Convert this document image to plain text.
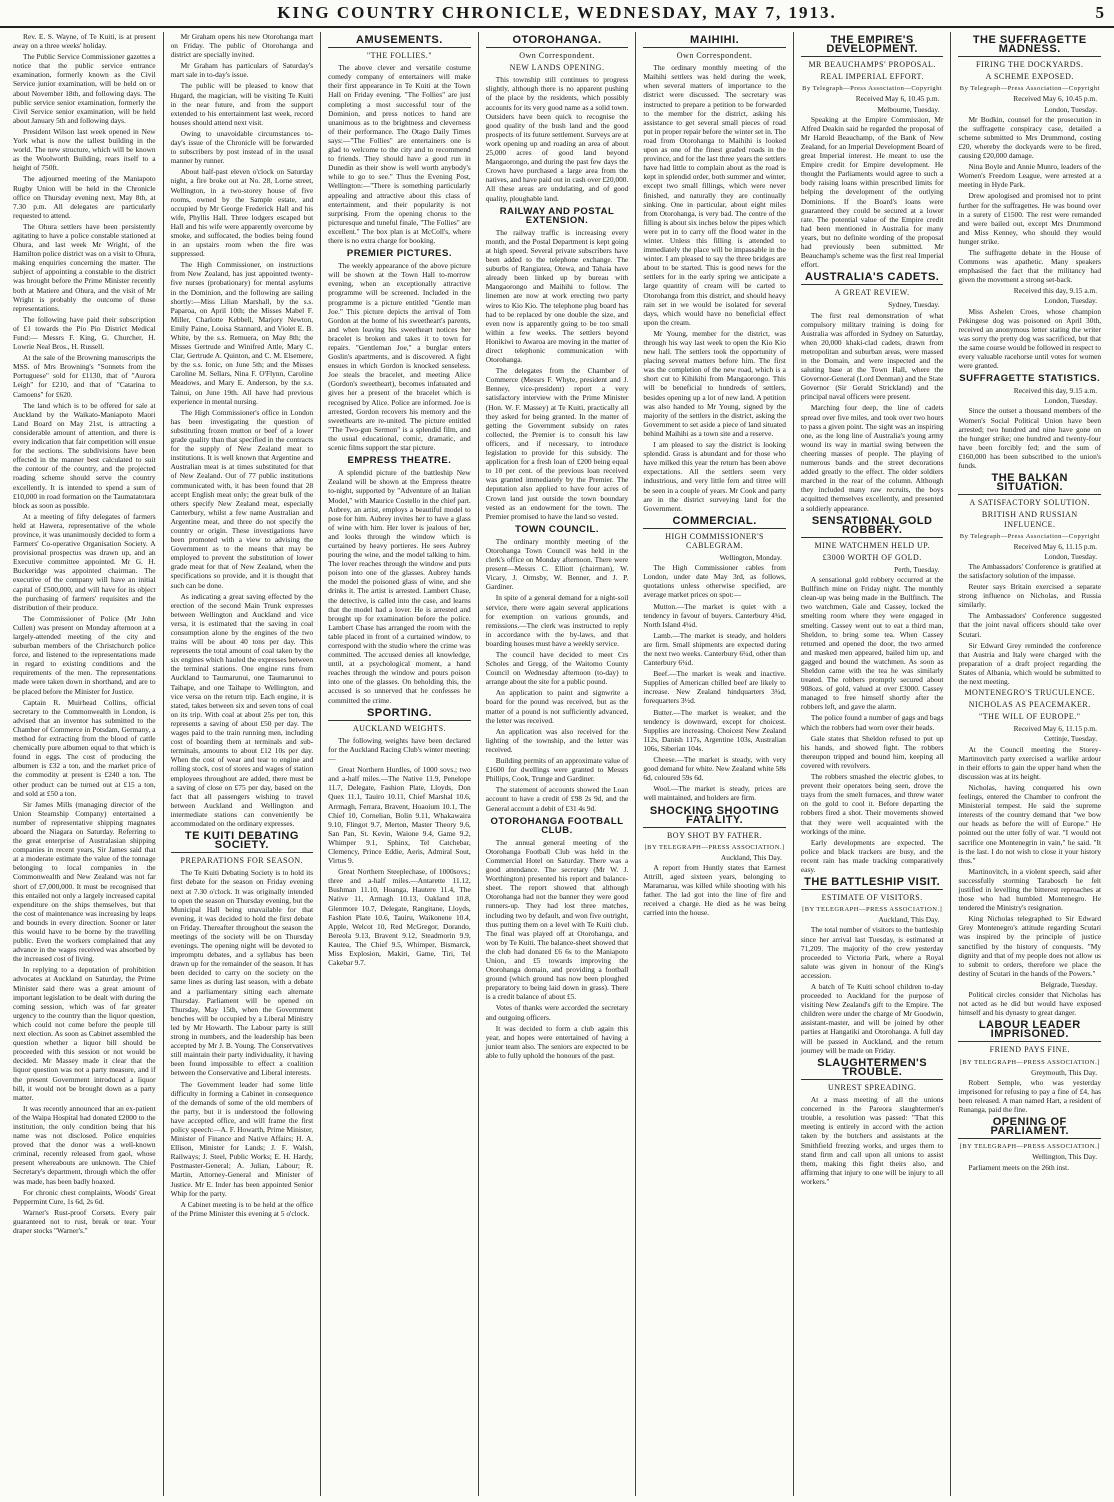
KING COUNTRY CHRONICLE, WEDNESDAY, MAY 7, 1913.	5

Rev. E. S. Wayne, of Te Kuiti, is at present away on a three weeks' holiday.

The Public Service Commissioner gazettes a notice that the public service entrance examination, formerly known as the Civil Service junior examination, will be held on or about November 18th, and following days. The public service senior examination, formerly the Civil Service senior examination, will be held about January 5th and following days.

President Wilson last week opened in New York what is now the tallest building in the world. The new structure, which will be known as the Woolworth Building, rears itself to a height of 750ft.

The adjourned meeting of the Maniapoto Rugby Union will be held in the Chronicle office on Thursday evening next, May 8th, at 7.30 p.m. All delegates are particularly requested to attend.

The Ohura settlers have been persistently agitating to have a police constable stationed at Ohura, and last week Mr Wright, of the Hamilton police district was on a visit to Ohura, making enquiries concerning the matter. The subject of appointing a constable to the district was brought before the Prime Minister recently both at Matiere and Ohura, and the visit of Mr Wright is probably the outcome of those representations.

The following have paid their subscription of £1 towards the Pio Pio District Medical Fund:— Messrs F. King, G. Churcher, H. Lowrie Neal Bros., H. Russell.

At the sale of the Browning manuscripts the MSS. of Mrs Browning's "Sonnets from the Portuguese" sold for £1130, that of "Aurora Leigh" for £210, and that of "Catarina to Camoens" for £620.

The land which is to be offered for sale at Auckland by the Waikato-Maniapoto Maori Land Board on May 21st, is attracting a considerable amount of attention, and there is every indication that fair competition will ensue for the sections. The subdivisions have been effected in the manner best calculated to suit the contour of the country, and the projected roading scheme should serve the country excellently. It is intended to spend a sum of £10,000 in road formation on the Taumatatotara block as soon as possible.

At a meeting of fifty delegates of farmers held at Hawera, representative of the whole province, it was unanimously decided to form a Farmers' Co-operative Organisation Society. A provisional prospectus was drawn up, and an Executive committee appointed. Mr G. H. Buckeridge was appointed chairman. The executive of the company will have an initial capital of £500,000, and will have for its object the purchasing of farmers' requisites and the distribution of their produce.

The Commissioner of Police (Mr John Cullen) was present on Monday afternoon at a largely-attended meeting of the city and suburban members of the Christchurch police force, and listened to the representations made in regard to existing conditions and the requirements of the men. The representations made were taken down in shorthand, and are to be placed before the Minister for Justice.

Captain R. Muirhead Collins, official secretary to the Commonwealth in London, is advised that an inventor has submitted to the Chamber of Commerce in Potsdam, Germany, a method for extracting from the blood of cattle chemically pure albumen equal to that which is found in eggs. The cost of producing the albumen is £32 a ton, and the market price of the commodity at present is £240 a ton. The other product can be turned out at £15 a ton, and sold at £50 a ton.

Sir James Mills (managing director of the Union Steamship Company) entertained a number of representative shipping magnates aboard the Niagara on Saturday. Referring to the great enterprise of Australasian shipping companies in recent years, Sir James said that at a moderate estimate the value of the tonnage belonging to local companies in the Commonwealth and New Zealand was not far short of £7,000,000. It must be recognised that this entailed not only a largely increased capital expenditure on the ships themselves, but that the cost of maintenance was increasing by leaps and bounds in every direction. Sooner or later this would have to be borne by the travelling public. Even the workers complained that any advance in the wages received was absorbed by the increased cost of living.

In replying to a deputation of prohibition advocates at Auckland on Saturday, the Prime Minister said there was a great amount of important legislation to be dealt with during the coming session, which was of far greater urgency to the country than the liquor question, which could not come before the people till next election. As soon as Cabinet assembled the question whether a liquor bill should be proceeded with this session or not would be decided. Mr Massey made it clear that the liquor question was not a party measure, and if the present Government introduced a liquor bill, it would not be brought down as a party matter.

It was recently announced that an ex-patient of the Waipa Hospital had donated £2000 to the institution, the only condition being that his name was not disclosed. Police enquiries proved that the donor was a well-known criminal, recently released from gaol, whose present whereabouts are unknown. The Chief Secretary's department, through which the offer was made, has been badly hoaxed.

For chronic chest complaints, Woods' Great Peppermint Cure, 1s 6d, 2s 6d.

Warner's Rust-proof Corsets. Every pair guaranteed not to rust, break or tear. Your draper stocks "Warner's."

Mr Graham opens his new Otorohanga mart on Friday. The public of Otorohanga and district are specially invited.

Mr Graham has particulars of Saturday's mart sale in to-day's issue.

The public will be pleased to know that Hugard, the magician, will be visiting Te Kuiti in the near future, and from the support extended to his entertainment last week, record houses should attend next visit.

Owing to unavoidable circumstances to-day's issue of the Chronicle will be forwarded to subscribers by post instead of in the usual manner by runner.

About half-past eleven o'clock on Saturday night, a fire broke out at No. 28, Lorne street, Wellington, in a two-storey house of five rooms, owned by the Sample estate, and occupied by Mr George Frederick Hall and his wife, Phyllis Hall. Three lodgers escaped but Hall and his wife were apparently overcome by smoke, and suffocated, the bodies being found in an upstairs room when the fire was suppressed.

The High Commissioner, on instructions from New Zealand, has just appointed twenty-five nurses (probationary) for mental asylums in the Dominion, and the following are sailing shortly:—Miss Lilian Marshall, by the s.s. Paparoa, on April 10th; the Misses Mabel F. Miller, Charlotte Kebbell, Marjory Newton, Emily Paine, Louisa Stannard, and Violet E. B. White, by the s.s. Remuera, on May 8th; the Misses Gertrude and Winifred Attle, Mary C. Clar, Gertrude A. Quinton, and C. M. Elsemere, by the s.s. Ionic, on June 5th; and the Misses Caroline M. Sellars, Nina F. O'Flynn, Caroline Meadows, and Mary E. Anderson, by the s.s. Tainui, on June 19th. All have had previous experience in mental nursing.

The High Commissioner's office in London has been investigating the question of substituting frozen mutton or beef of a lower grade quality than that specified in the contracts for the supply of New Zealand meat to institutions. It is well known that Argentine and Australian meat is at times substituted for that of New Zealand. Out of 77 public institutions communicated with, it has been found that 28 accept English meat only; the great bulk of the others specify New Zealand meat, especially Canterbury, whilst a few name Australian and Argentine meat, and three do not specify the country or origin. These investigations have been promoted with a view to advising the Government as to the means that may be employed to prevent the substitution of lower grade meat for that of New Zealand, when the specifications so provide, and it is thought that such can be done.

As indicating a great saving effected by the erection of the second Main Trunk expresses between Wellington and Auckland and vice versa, it is estimated that the saving in coal consumption alone by the engines of the two trains will be about 40 tons per day. This represents the total amount of coal taken by the six engines which hauled the expresses between the terminal stations. One engine runs from Auckland to Taumarunui, one Taumarunui to Taihape, and one Taihape to Wellington, and vice versa on the return trip. Each engine, it is stated, takes between six and seven tons of coal on its trip. With coal at about 25s per ton, this represents a saving of about £50 per day. The wages paid to the train running men, including cost of boarding them at terminals and sub-terminals, amounts to about £12 10s per day. When the cost of wear and tear to engine and rolling stock, cost of stores and wages of station employees throughout are added, there must be a saving of close on £75 per day, based on the fact that all passengers wishing to travel between Auckland and Wellington and intermediate stations can conveniently be accommodated on the ordinary expresses.

TE KUITI DEBATING SOCIETY.
PREPARATIONS FOR SEASON.

The Te Kuiti Debating Society is to hold its first debate for the season on Friday evening next at 7.30 o'clock. It was originally intended to open the season on Thursday evening, but the Municipal Hall being unavailable for that evening, it was decided to hold the first debate on Friday. Thereafter throughout the season the meetings of the society will be on Thursday evenings. The opening night will be devoted to impromptu debates, and a syllabus has been drawn up for the remainder of the season. It has been decided to carry on the society on the same lines as during last season, with a debate and a parliamentary sitting each alternate Thursday. Parliament will be opened on Thursday, May 15th, when the Government benches will be occupied by a Liberal Ministry led by Mr Howarth. The Labour party is still strong in numbers, and the leadership has been accepted by Mr J. B. Young. The Conservatives still maintain their party individuality, it having been found impossible to effect a coalition between the Conservative and Liberal interests.

The Government leader had some little difficulty in forming a Cabinet in consequence of the demands of some of the old members of the party, but it is understood the following have accepted office, and will frame the first policy speech:—A. F. Howarth, Prime Minister, Minister of Finance and Native Affairs; H. A. Ellison, Minister for Lands; J. F. Walsh, Railways; J. Steel, Public Works; E. H. Hardy, Postmaster-General; A. Julian, Labour; R. Martin, Attorney-General and Minister of Justice. Mr E. Inder has been appointed Senior Whip for the party.

A Cabinet meeting is to be held at the office of the Prime Minister this evening at 5 o'clock.

AMUSEMENTS.
"THE FOLLIES."

The above clever and versatile costume comedy company of entertainers will make their first appearance in Te Kuiti at the Town Hall on Friday evening. "The Follies" are just completing a most successful tour of the Dominion, and press notices to hand are unanimous as to the brightness and cleverness of their performance. The Otago Daily Times says:—"The Follies" are entertainers one is glad to welcome to the city and to recommend to friends. They should have a good run in Dunedin as their show is well worth anybody's while to go to see." Thus the Evening Post, Wellington:—"There is something particularly appealing and attractive about this class of entertainment, and their popularity is not surprising. From the opening chorus to the picturesque and tuneful finale, "The Follies" are excellent." The box plan is at McColl's, where there is no extra charge for booking.

PREMIER PICTURES.

The weekly appearance of the above picture will be shown at the Town Hall to-morrow evening, when an exceptionally attractive programme will be screened. Included in the programme is a picture entitled "Gentle man Joe." This picture depicts the arrival of Tom Gordon at the home of his sweetheart's parents, and when leaving his sweetheart notices her bracelet is broken and takes it to town for repairs. "Gentleman Joe," a burglar enters Goslin's apartments, and is discovered. A fight ensues in which Gordon is knocked senseless. Joe steals the bracelet, and meeting Alice (Gordon's sweetheart), becomes infatuated and gives her a present of the bracelet which is recognised by Alice. Police are informed. Joe is arrested, Gordon recovers his memory and the sweethearts are re-united. The picture entitled "The Two-gun Sermon" is a splendid film, and the usual educational, comic, dramatic, and scenic films support the star picture.

EMPRESS THEATRE.

A splendid picture of the battleship New Zealand will be shown at the Empress theatre to-night, supported by "Adventure of an Italian Model," with Maurice Costello in the chief part. Aubrey, an artist, employs a beautiful model to pose for him. Aubrey invites her to have a glass of wine with him. Her lover is jealous of her, and looks through the window which is curtained by heavy portieres. He sees Aubrey pouring the wine, and the model talking to him. The lover reaches through the window and puts poison into one of the glasses. Aubrey hands the model the poisoned glass of wine, and she drinks it. The artist is arrested. Lambert Chase, the detective, is called into the case, and learns that the model had a lover. He is arrested and brought up for examination before the police. Lambert Chase has arranged the room with the table placed in front of a curtained window, to correspond with the studio where the crime was committed. The accused denies all knowledge, until, at a psychological moment, a hand reaches through the window and pours poison into one of the glasses. On beholding this, the accused is so unnerved that he confesses he committed the crime.

SPORTING.
AUCKLAND WEIGHTS.

The following weights have been declared for the Auckland Racing Club's winter meeting:—

Great Northern Hurdles, of 1000 sovs.; two and a-half miles.—The Native 11.9, Penelope 11.7, Delegate, Fashion Plate, Lloyds, Don Quex 11.1, Tauiro 10.11, Chief Marshal 10.6, Arrmagh, Ferrara, Bravent, Hoaoium 10.1, The Chief 10, Cornelian, Bolin 9.11, Whakawaira 9.10, Flingot 9.7, Merton, Master Theory 9.6, San Pan, St. Kevin, Waione 9.4, Game 9.2, Whimper 9.1, Sphinx, Tel Catchebar, Clemency, Prince Eddie, Aeris, Admiral Sout, Virtus 9.

Great Northern Steeplechase, of 1000sovs.; three and a-half miles.—Antarette 11.12, Bushman 11.10, Hoanga, Hautere 11.4, The Native 11, Armagh 10.13, Oakland 10.8, Glenmore 10.7, Delegate, Rangitane, Lloyds, Fashion Plate 10.6, Tauiru, Waikonene 10.4, Apple, Welcot 10, Red McGregor, Dorando, Bereola 9.13, Bravent 9.12, Steadmorin 9.9, Kautea, The Chief 9.5, Whimper, Bismarck, Miss Explosion, Makiri, Game, Tiri, Tel Cakebar 9.7.

OTOROHANGA.
Own Correspondent.
NEW LANDS OPENING.

This township still continues to progress slightly, although there is no apparent pushing of the place by the residents, which possibly accounts for its very good name as a solid town. Outsiders have been quick to recognise the good quality of the bush land and the good prospects of its future settlement. Surveys are at work opening up and roading an area of about 25,000 acres of good land beyond Mangaorongo, and during the past few days the Crown have purchased a large area from the natives, and have paid out in cash over £20,000. All these areas are undulating, and of good quality, ploughable land.

RAILWAY AND POSTAL EXTENSION.

The railway traffic is increasing every month, and the Postal Department is kept going at high speed. Several private subscribers have been added to the telephone exchange. The suburbs of Rangiatea, Otewa, and Tahaia have already been linked up by bureau with Mangaorongo and Maihihi to follow. The linemen are now at work erecting two party wires to Kio Kio. The telephone plug board has had to be replaced by one double the size, and even now is apparently going to be too small within a few weeks. The settlers beyond Honikiwi to Awaroa are moving in the matter of direct telephonic communication with Otorohanga.

The delegates from the Chamber of Commerce (Messrs F. Whyte, president and J. Benney, vice-president) report a very satisfactory interview with the Prime Minister (Hon. W. F. Massey) at Te Kuiti, practically all they asked for being granted. In the matter of getting the Government subsidy on rates collected, the Premier is to consult his law officers, and if necessary, to introduce legislation to provide for this subsidy. The application for a fresh loan of £200 being equal to 10 per cent. of the previous loan received was granted immediately by the Premier. The deputation also applied to have four acres of Crown land just outside the town boundary vested as an endowment for the town. The Premier promised to have the land so vested.

TOWN COUNCIL.

The ordinary monthly meeting of the Otorohanga Town Council was held in the clerk's office on Monday afternoon. There were present—Messrs C. Elliott (chairman), W. Vicary, J. Ormsby, W. Benner, and J. P. Gardiner.

In spite of a general demand for a night-soil service, there were again several applications for exemption on various grounds, and remissions.—The clerk was instructed to reply in accordance with the by-laws, and that boarding houses must have a weekly service.

The council have decided to meet Crs Scholes and Gregg, of the Waitomo County Council on Wednesday afternoon (to-day) to arrange about the site for a public pound.

An application to paint and signwrite a board for the pound was received, but as the matter of a pound is not sufficiently advanced, the letter was received.

An application was also received for the lighting of the township, and the letter was received.

Building permits of an approximate value of £1600 for dwellings were granted to Messrs Phillips, Cook, Trunge and Gardiner.

The statement of accounts showed the Loan account to have a credit of £98 2s 9d, and the General account a debit of £31 4s 9d.

OTOROHANGA FOOTBALL CLUB.

The annual general meeting of the Otorohanga Football Club was held in the Commercial Hotel on Saturday. There was a good attendance. The secretary (Mr W. J. Worthington) presented his report and balance-sheet. The report showed that although Otorohanga had not the banner they were good runners-up. They had lost three matches, including two by default, and won five outright, thus putting them on a level with Te Kuiti club. The final was played off at Otorohanga, and won by Te Kuiti. The balance-sheet showed that the club had donated £6 6s to the Maniapoto Union, and £5 towards improving the Otorohanga domain, and providing a football ground (which ground has now been ploughed preparatory to being laid down in grass). There is a credit balance of about £5.

Votes of thanks were accorded the secretary and outgoing officers.

It was decided to form a club again this year, and hopes were entertained of having a junior team also. The seniors are expected to be able to fully uphold the honours of the past.

MAIHIHI.
Own Correspondent.

The ordinary monthly meeting of the Maihihi settlers was held during the week, when several matters of importance to the district were discussed. The secretary was instructed to prepare a petition to be forwarded to the member for the district, asking his assistance to get several small pieces of road put in proper repair before the winter set in. The road from Otorohanga to Maihihi is looked upon as one of the finest graded roads in the province, and for the last three years the settlers have had little to complain about as the road is kept in splendid order, both summer and winter, except two small fillings, which were never finished, and naturally they are continually sinking. One in particular, about eight miles from Otorohanga, is very bad. The centre of the filling is about six inches below the pipes which were put in to carry off the flood water in the winter. Unless this filling is attended to immediately the place will be impassable in the winter. I am pleased to say the three bridges are about to be started. This is good news for the settlers for in the early spring we anticipate a large quantity of cream will be carted to Otorohanga from this district, and should heavy rain set in we would be isolated for several days, which would have no beneficial effect upon the cream.

Mr Young, member for the district, was through his way last week to open the Kio Kio new hall. The settlers took the opportunity of placing several matters before him. The first was the completion of the new road, which is a short cut to Kihikihi from Mangaorongo. This will be beneficial to hundreds of settlers, besides opening up a lot of new land. A petition was also handed to Mr Young, signed by the majority of the settlers in the district, asking the Government to set aside a piece of land situated behind Maihihi as a town site and a reserve.

I am pleased to say the district is looking splendid. Grass is abundant and for those who have milked this year the return has been above expectations. All the settlers seem very industrious, and very little fern and titree will be seen in a couple of years. Mr Cook and party are in the district surveying land for the Government.

COMMERCIAL.
HIGH COMMISSIONER'S CABLEGRAM.
Wellington, Monday.

The High Commissioner cables from London, under date May 3rd, as follows, quotations unless otherwise specified, are average market prices on spot:—

Mutton.—The market is quiet with a tendency in favour of buyers. Canterbury 4¾d, North Island 4¼d.

Lamb.—The market is steady, and holders are firm. Small shipments are expected during the next two weeks. Canterbury 6¼d, other than Canterbury 6¼d.

Beef.—The market is weak and inactive. Supplies of American chilled beef are likely to increase. New Zealand hindquarters 3¾d, forequarters 3½d.

Butter.—The market is weaker, and the tendency is downward, except for choicest. Supplies are increasing. Choicest New Zealand 112s, Danish 117s, Argentine 103s, Australian 106s, Siberian 104s.

Cheese.—The market is steady, with very good demand for white. New Zealand white 58s 6d, coloured 59s 6d.

Wool.—The market is steady, prices are well maintained, and holders are firm.

SHOCKING SHOOTING FATALITY.
BOY SHOT BY FATHER.
[BY TELEGRAPH—PRESS ASSOCIATION.]
Auckland, This Day.

A report from Huntly states that Earnest Attrill, aged sixteen years, belonging to Maramarua, was killed while shooting with his father. The lad got into the line of fire and received a charge. He died as he was being carried into the house.

THE EMPIRE'S DEVELOPMENT.
MR BEAUCHAMPS' PROPOSAL.
REAL IMPERIAL EFFORT.
By Telegraph—Press Association—Copyright
Received May 6, 10.45 p.m.
Melbourne, Tuesday.

Speaking at the Empire Commission, Mr Alfred Deakin said he regarded the proposal of Mr Harold Beauchamp, of the Bank of New Zealand, for an Imperial Development Board of great Imperial interest. He meant to use the Empire credit for Empire development. He thought the Parliaments would agree to such a body raising loans within prescribed limits for helping the development of the outlying Dominions. If the Board's loans were guaranteed they could be secured at a lower rate. The potential value of the Empire credit had been mentioned in Australia for many years, but no definite wording of the proposal had previously been submitted. Mr Beauchamp's scheme was the first real Imperial effort.

AUSTRALIA'S CADETS.
A GREAT REVIEW.
Sydney, Tuesday.

The first real demonstration of what compulsory military training is doing for Australia was afforded in Sydney on Saturday, when 20,000 khaki-clad cadets, drawn from metropolitan and suburban areas, were massed in the Domain, and were inspected and the saluting base at the Town Hall, where the Governor-General (Lord Denman) and the State Governor (Sir Gerald Strickland) and the principal naval officers were present.

Marching four deep, the line of cadets spread over five miles, and took over two hours to pass a given point. The sight was an inspiring one, as the long line of Australia's young army wound its way in martial swing between the cheering masses of people. The playing of numerous bands and the street decorations added greatly to the effect. The older soldiers marched in the rear of the column. Although they included many raw recruits, the boys acquitted themselves excellently, and presented a soldierly appearance.

SENSATIONAL GOLD ROBBERY.
MINE WATCHMEN HELD UP.
£3000 WORTH OF GOLD.
Perth, Tuesday.

A sensational gold robbery occurred at the Bullfinch mine on Friday night. The monthly clean-up was being made in the Bullfinch. The two watchmen, Gale and Cassey, locked the smelting room where they were engaged in smelting. Cassey went out to eat a third man, Sheldon, to bring some tea. When Cassey returned and opened the door, the two armed and masked men appeared, bailed him up, and gagged and bound the watchmen. As soon as Sheldon came with the tea he was similarly treated. The robbers promptly secured about 908ozs. of gold, valued at over £3000. Cassey managed to free himself shortly after the robbers left, and gave the alarm.

The police found a number of gags and bags which the robbers had worn over their heads.

Gale states that Sheldon refused to put up his hands, and showed fight. The robbers thereupon tripped and bound him, keeping all covered with revolvers.

The robbers smashed the electric globes, to prevent their operators being seen, drove the trays from the smelt furnaces, and threw water on the gold to cool it. Before departing the robbers fired a shot. Their movements showed that they were well acquainted with the workings of the mine.

Early developments are expected. The police and black trackers are busy, and the recent rain has made tracking comparatively easy.

THE BATTLESHIP VISIT.
ESTIMATE OF VISITORS.
[BY TELEGRAPH—PRESS ASSOCIATION.]
Auckland, This Day.

The total number of visitors to the battleship since her arrival last Tuesday, is estimated at 71,209. The majority of the crew yesterday proceeded to Victoria Park, where a Royal salute was given in honour of the King's accession.

A batch of Te Kuiti school children to-day proceeded to Auckland for the purpose of visiting New Zealand's gift to the Empire. The children were under the charge of Mr Goodwin, assistant-master, and will be joined by other parties at Hangatiki and Otorohanga. A full day will be passed in Auckland, and the return journey will be made on Friday.

SLAUGHTERMEN'S TROUBLE.
UNREST SPREADING.

At a mass meeting of all the unions concerned in the Pareora slaughtermen's trouble, a resolution was passed: "That this meeting is entirely in accord with the action taken by the butchers and assistants at the Smithfield freezing works, and urges them to stand firm and call upon all unions to assist them, making this fight theirs also, and affirming that injury to one will be injury to all workers."

THE SUFFRAGETTE MADNESS.
FIRING THE DOCKYARDS.
A SCHEME EXPOSED.
By Telegraph—Press Association—Copyright
Received May 6, 10.45 p.m.
London, Tuesday.

Mr Bodkin, counsel for the prosecution in the suffragette conspiracy case, detailed a scheme submitted to Mrs Drummond, costing £20, whereby the dockyards were to be fired, causing £20,000 damage.

Nina Boyle and Annie Munro, leaders of the Women's Freedom League, were arrested at a meeting in Hyde Park.

Drew apologised and promised not to print further for the suffragettes. He was bound over in a surety of £1500. The rest were remanded and were bailed out, except Mrs Drummond and Miss Kenney, who should they would hunger strike.

The suffragette debate in the House of Commons was apathetic. Many speakers emphasised the fact that the militancy had given the movement a strong set-back.

Received this day, 9.15 a.m.
London, Tuesday.

Miss Ashelen Croes, whose champion Pekingese dog was poisoned on April 30th, received an anonymous letter stating the writer was sorry the pretty dog was sacrificed, but that the same course would be followed in respect to every valuable racehorse until votes for women were granted.

SUFFRAGETTE STATISTICS.
Received this day, 9.15 a.m.
London, Tuesday.

Since the outset a thousand members of the Women's Social Political Union have been arrested; two hundred and nine have gone on the hunger strike; one hundred and twenty-four have been forcibly fed; and the sum of £160,000 has been subscribed to the union's funds.

THE BALKAN SITUATION.
A SATISFACTORY SOLUTION.
BRITISH AND RUSSIAN INFLUENCE.
By Telegraph—Press Association—Copyright
Received May 6, 11.15 p.m.
London, Tuesday.

The Ambassadors' Conference is gratified at the satisfactory solution of the impasse.

Reuter says Britain exercised a separate strong influence on Nicholas, and Russia similarly.

The Ambassadors' Conference suggested that the joint naval officers should take over Scutari.

Sir Edward Grey reminded the conference that Austria and Italy were charged with the preparation of a draft project regarding the States of Albania, which would be submitted to the next meeting.

MONTENEGRO'S TRUCULENCE.
NICHOLAS AS PEACEMAKER.
"THE WILL OF EUROPE."
Received May 6, 11.15 p.m.
Cettinje, Tuesday.

At the Council meeting the Storey-Martinovitch party exercised a warlike ardour in their efforts to gain the upper hand when the discussion was at its height.

Nicholas, having conquered his own feelings, entered the Chamber to confront the Ministerial tempest. He said the supreme interests of the country demand that "we bow our heads as before the will of Europe." He pointed out the utter folly of war. "I would not sacrifice one Montenegrin in vain," he said. "It is the last. I do not wish to close it your history thus."

Martinovitch, in a violent speech, said after successfully storming Tarabosch he felt justified in levelling the bitterest reproaches at those who had humbled Montenegro. He tendered the Ministry's resignation.

King Nicholas telegraphed to Sir Edward Grey Montenegro's attitude regarding Scutari was inspired by the principle of justice sanctified by the history of conquests. "My dignity and that of my people does not allow us to submit to orders, therefore we place the destiny of Scutari in the hands of the Powers."

Belgrade, Tuesday.

Political circles consider that Nicholas has not acted as he did but would have exposed himself and his dynasty to great danger.

LABOUR LEADER IMPRISONED.
FRIEND PAYS FINE.
[BY TELEGRAPH—PRESS ASSOCIATION.]
Greymouth, This Day.

Robert Semple, who was yesterday imprisoned for refusing to pay a fine of £4, has been released. A man named Hart, a resident of Runanga, paid the fine.

OPENING OF PARLIAMENT.
[BY TELEGRAPH—PRESS ASSOCIATION.]
Wellington, This Day.

Parliament meets on the 26th inst.
